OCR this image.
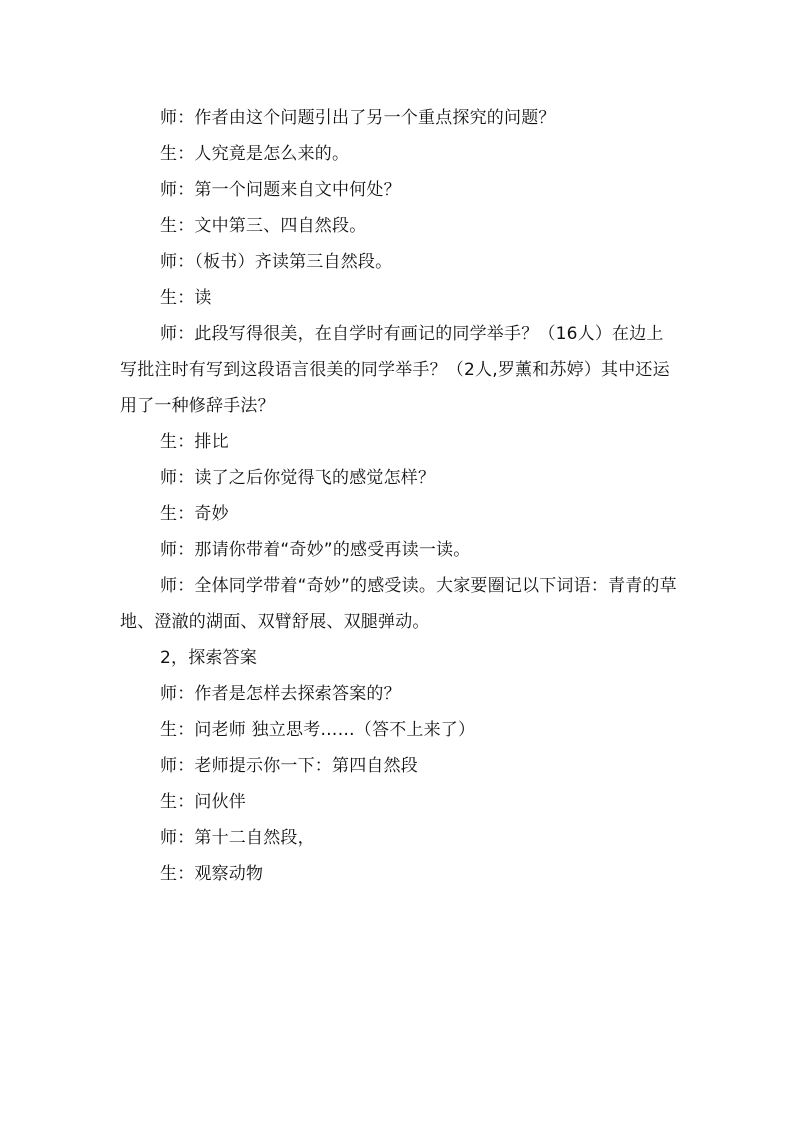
师：作者由这个问题引出了另一个重点探究的问题？

生：人究竟是怎么来的。

师：第一个问题来自文中何处？

生：文中第三、四自然段。

师：（板书）齐读第三自然段。

生：读

师：此段写得很美，在自学时有画记的同学举手？（16人）在边上写批注时有写到这段语言很美的同学举手？（2人,罗薰和苏婷）其中还运用了一种修辞手法？

生：排比

师：读了之后你觉得飞的感觉怎样？

生：奇妙

师：那请你带着“奇妙”的感受再读一读。

师：全体同学带着“奇妙”的感受读。大家要圈记以下词语：青青的草地、澄澈的湖面、双臂舒展、双腿弹动。

2，探索答案

师：作者是怎样去探索答案的？

生：问老师 独立思考……（答不上来了）

师：老师提示你一下：第四自然段

生：问伙伴

师：第十二自然段，

生：观察动物
